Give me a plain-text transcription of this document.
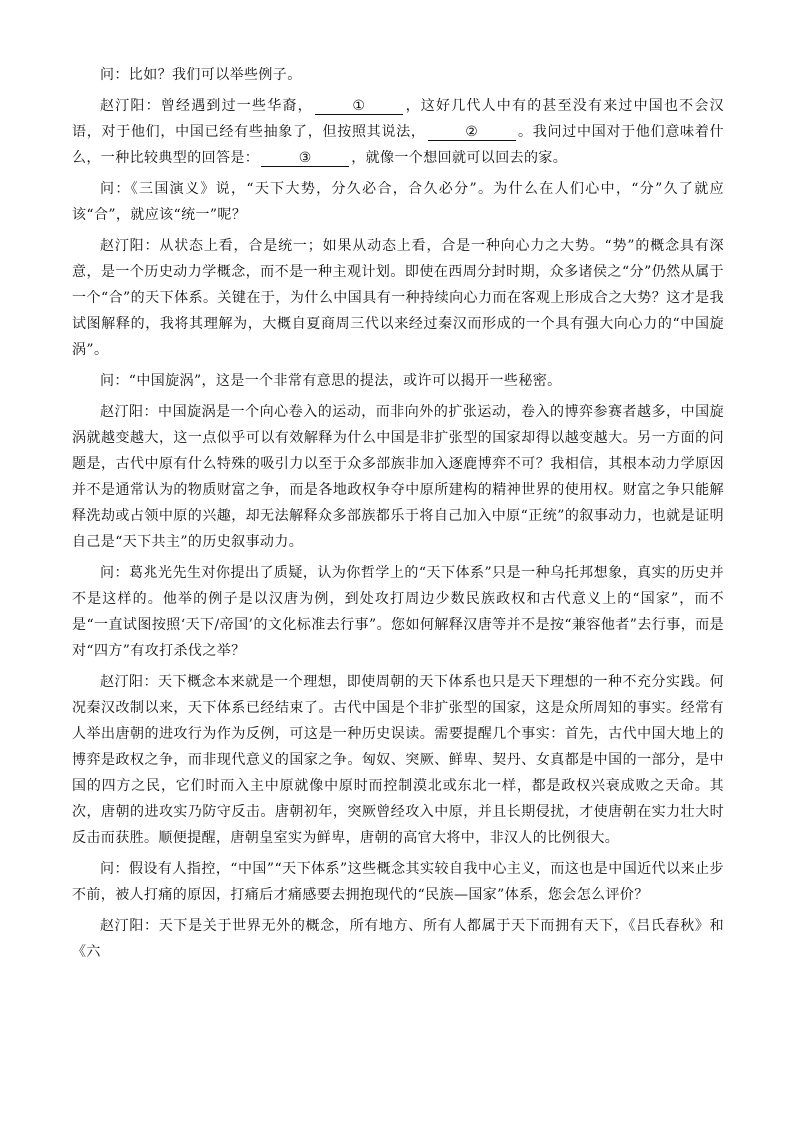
问：比如？我们可以举些例子。

赵汀阳：曾经遇到过一些华裔，	①	，这好几代人中有的甚至没有来过中国也不会汉语，对于他们，中国已经有些抽象了，但按照其说法，	②	。我问过中国对于他们意味着什么，一种比较典型的回答是：	③	，就像一个想回就可以回去的家。

问：《三国演义》说，“天下大势，分久必合，合久必分”。为什么在人们心中，“分”久了就应该“合”，就应该“统一”呢？

赵汀阳：从状态上看，合是统一；如果从动态上看，合是一种向心力之大势。“势”的概念具有深意，是一个历史动力学概念，而不是一种主观计划。即使在西周分封时期，众多诸侯之“分”仍然从属于一个“合”的天下体系。关键在于，为什么中国具有一种持续向心力而在客观上形成合之大势？这才是我试图解释的，我将其理解为，大概自夏商周三代以来经过秦汉而形成的一个具有强大向心力的“中国旋涡”。

问：“中国旋涡”，这是一个非常有意思的提法，或许可以揭开一些秘密。

赵汀阳：中国旋涡是一个向心卷入的运动，而非向外的扩张运动，卷入的博弈参赛者越多，中国旋涡就越变越大，这一点似乎可以有效解释为什么中国是非扩张型的国家却得以越变越大。另一方面的问题是，古代中原有什么特殊的吸引力以至于众多部族非加入逐鹿博弈不可？我相信，其根本动力学原因并不是通常认为的物质财富之争，而是各地政权争夺中原所建构的精神世界的使用权。财富之争只能解释洗劫或占领中原的兴趣，却无法解释众多部族都乐于将自己加入中原“正统”的叙事动力，也就是证明自己是“天下共主”的历史叙事动力。

问：葛兆光先生对你提出了质疑，认为你哲学上的“天下体系”只是一种乌托邦想象，真实的历史并不是这样的。他举的例子是以汉唐为例，到处攻打周边少数民族政权和古代意义上的“国家”，而不是“一直试图按照‘天下/帝国’的文化标准去行事”。您如何解释汉唐等并不是按“兼容他者”去行事，而是对“四方”有攻打杀伐之举？

赵汀阳：天下概念本来就是一个理想，即使周朝的天下体系也只是天下理想的一种不充分实践。何况秦汉改制以来，天下体系已经结束了。古代中国是个非扩张型的国家，这是众所周知的事实。经常有人举出唐朝的进攻行为作为反例，可这是一种历史误读。需要提醒几个事实：首先，古代中国大地上的博弈是政权之争，而非现代意义的国家之争。匈奴、突厥、鲜卑、契丹、女真都是中国的一部分，是中国的四方之民，它们时而入主中原就像中原时而控制漠北或东北一样，都是政权兴衰成败之天命。其次，唐朝的进攻实乃防守反击。唐朝初年，突厥曾经攻入中原，并且长期侵扰，才使唐朝在实力壮大时反击而获胜。顺便提醒，唐朝皇室实为鲜卑，唐朝的高官大将中，非汉人的比例很大。

问：假设有人指控，“中国”“天下体系”这些概念其实较自我中心主义，而这也是中国近代以来止步不前，被人打痛的原因，打痛后才痛感要去拥抱现代的“民族—国家”体系，您会怎么评价？

赵汀阳：天下是关于世界无外的概念，所有地方、所有人都属于天下而拥有天下，《吕氏春秋》和《六
